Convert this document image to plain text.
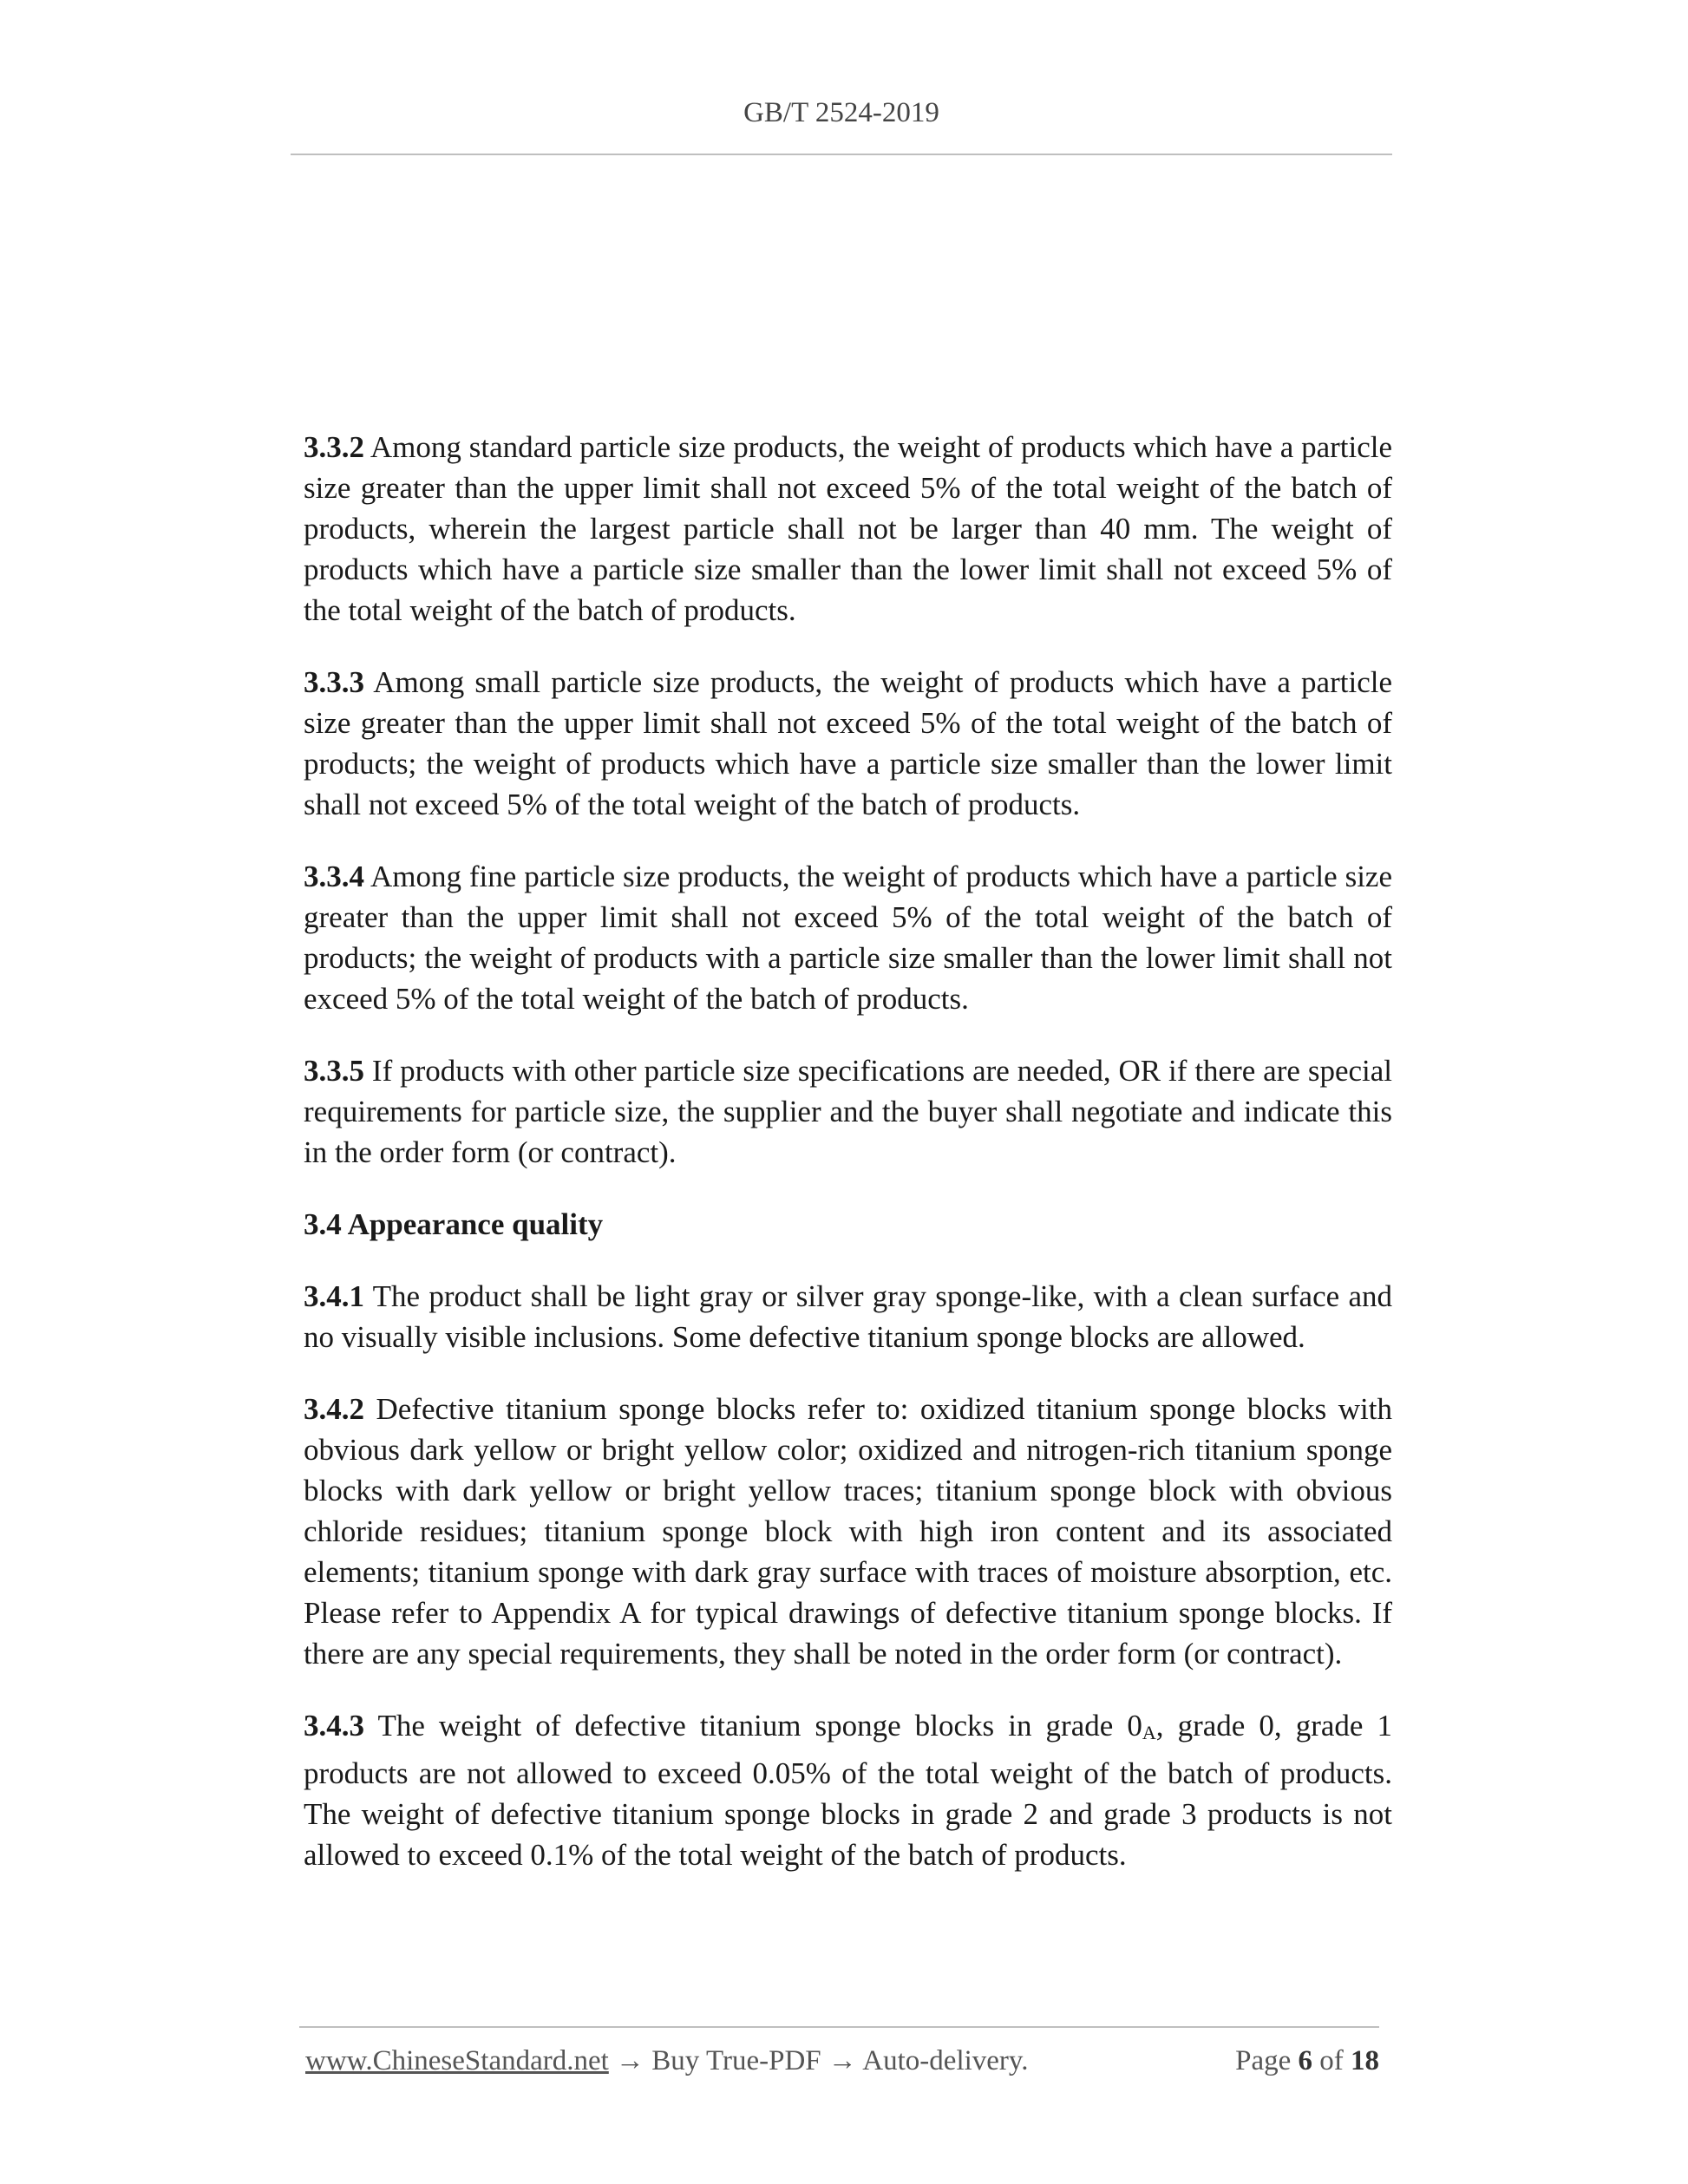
GB/T 2524-2019

3.3.2 Among standard particle size products, the weight of products which have a particle size greater than the upper limit shall not exceed 5% of the total weight of the batch of products, wherein the largest particle shall not be larger than 40 mm. The weight of products which have a particle size smaller than the lower limit shall not exceed 5% of the total weight of the batch of products.

3.3.3 Among small particle size products, the weight of products which have a particle size greater than the upper limit shall not exceed 5% of the total weight of the batch of products; the weight of products which have a particle size smaller than the lower limit shall not exceed 5% of the total weight of the batch of products.

3.3.4 Among fine particle size products, the weight of products which have a particle size greater than the upper limit shall not exceed 5% of the total weight of the batch of products; the weight of products with a particle size smaller than the lower limit shall not exceed 5% of the total weight of the batch of products.

3.3.5 If products with other particle size specifications are needed, OR if there are special requirements for particle size, the supplier and the buyer shall negotiate and indicate this in the order form (or contract).

3.4 Appearance quality

3.4.1 The product shall be light gray or silver gray sponge-like, with a clean surface and no visually visible inclusions. Some defective titanium sponge blocks are allowed.

3.4.2 Defective titanium sponge blocks refer to: oxidized titanium sponge blocks with obvious dark yellow or bright yellow color; oxidized and nitrogen-rich titanium sponge blocks with dark yellow or bright yellow traces; titanium sponge block with obvious chloride residues; titanium sponge block with high iron content and its associated elements; titanium sponge with dark gray surface with traces of moisture absorption, etc. Please refer to Appendix A for typical drawings of defective titanium sponge blocks. If there are any special requirements, they shall be noted in the order form (or contract).

3.4.3 The weight of defective titanium sponge blocks in grade 0A, grade 0, grade 1 products are not allowed to exceed 0.05% of the total weight of the batch of products. The weight of defective titanium sponge blocks in grade 2 and grade 3 products is not allowed to exceed 0.1% of the total weight of the batch of products.

www.ChineseStandard.net → Buy True-PDF → Auto-delivery.	Page 6 of 18
